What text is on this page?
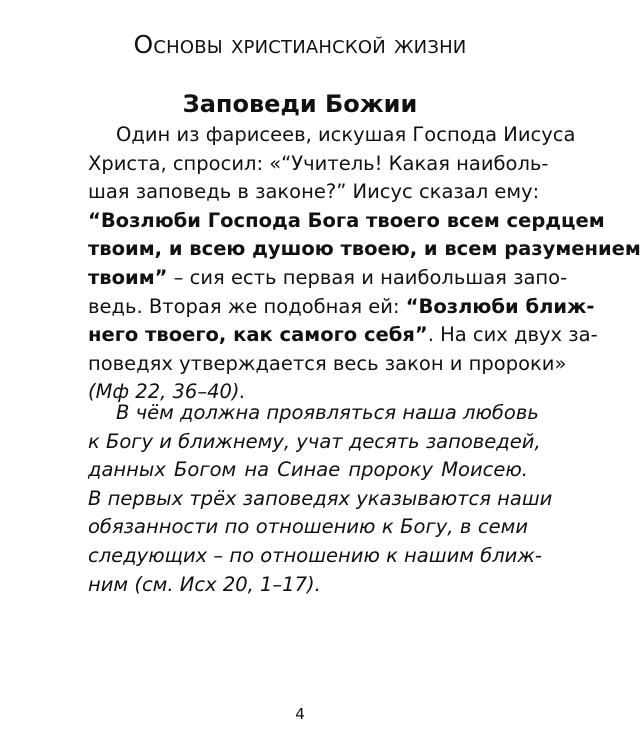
Основы христианской жизни
Заповеди Божии
Один из фарисеев, искушая Господа Иисуса
Христа, спросил: «“Учитель! Какая наиболь-
шая заповедь в законе?” Иисус сказал ему:
“Возлюби Господа Бога твоего всем сердцем
твоим, и всею душою твоею, и всем разумением
твоим” – сия есть первая и наибольшая запо-
ведь. Вторая же подобная ей: “Возлюби ближ-
него твоего, как самого себя”. На сих двух за-
поведях утверждается весь закон и пророки»
(Мф 22, 36–40).
В чём должна проявляться наша любовь
к Богу и ближнему, учат десять заповедей,
данных Богом на Синае пророку Моисею.
В первых трёх заповедях указываются наши
обязанности по отношению к Богу, в семи
следующих – по отношению к нашим ближ-
ним (см. Исх 20, 1–17).
4
